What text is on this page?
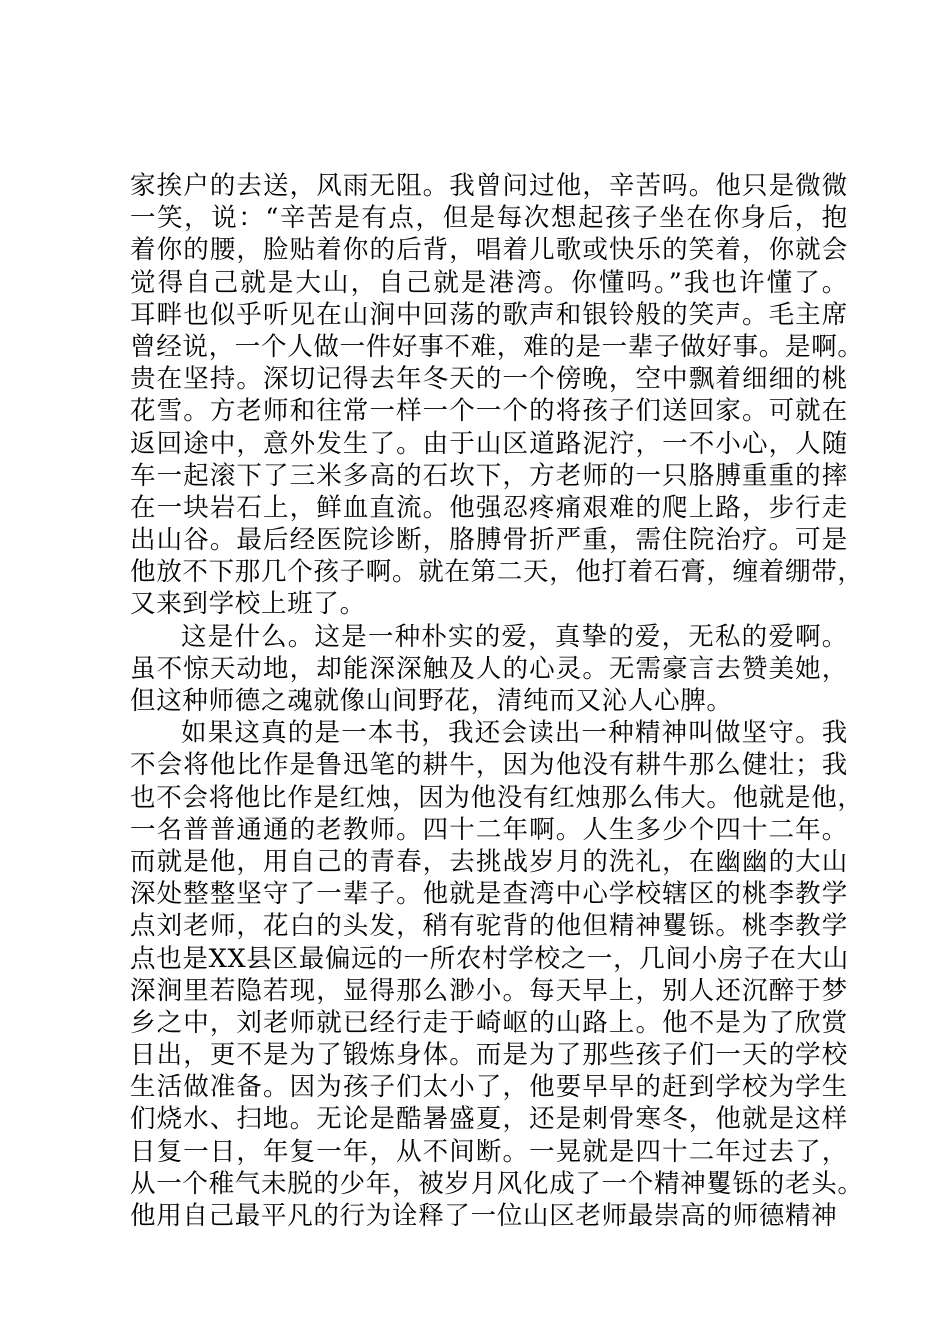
家挨户的去送，风雨无阻。我曾问过他，辛苦吗。他只是微微
一笑，说：“辛苦是有点，但是每次想起孩子坐在你身后，抱
着你的腰，脸贴着你的后背，唱着儿歌或快乐的笑着，你就会
觉得自己就是大山，自己就是港湾。你懂吗。”我也许懂了。
耳畔也似乎听见在山涧中回荡的歌声和银铃般的笑声。毛主席
曾经说，一个人做一件好事不难，难的是一辈子做好事。是啊。
贵在坚持。深切记得去年冬天的一个傍晚，空中飘着细细的桃
花雪。方老师和往常一样一个一个的将孩子们送回家。可就在
返回途中，意外发生了。由于山区道路泥泞，一不小心，人随
车一起滚下了三米多高的石坎下，方老师的一只胳膊重重的摔
在一块岩石上，鲜血直流。他强忍疼痛艰难的爬上路，步行走
出山谷。最后经医院诊断，胳膊骨折严重，需住院治疗。可是
他放不下那几个孩子啊。就在第二天，他打着石膏，缠着绷带，
又来到学校上班了。
这是什么。这是一种朴实的爱，真挚的爱，无私的爱啊。
虽不惊天动地，却能深深触及人的心灵。无需豪言去赞美她，
但这种师德之魂就像山间野花，清纯而又沁人心脾。
如果这真的是一本书，我还会读出一种精神叫做坚守。我
不会将他比作是鲁迅笔的耕牛，因为他没有耕牛那么健壮；我
也不会将他比作是红烛，因为他没有红烛那么伟大。他就是他，
一名普普通通的老教师。四十二年啊。人生多少个四十二年。
而就是他，用自己的青春，去挑战岁月的洗礼，在幽幽的大山
深处整整坚守了一辈子。他就是查湾中心学校辖区的桃李教学
点刘老师，花白的头发，稍有驼背的他但精神矍铄。桃李教学
点也是XX县区最偏远的一所农村学校之一，几间小房子在大山
深涧里若隐若现，显得那么渺小。每天早上，别人还沉醉于梦
乡之中，刘老师就已经行走于崎岖的山路上。他不是为了欣赏
日出，更不是为了锻炼身体。而是为了那些孩子们一天的学校
生活做准备。因为孩子们太小了，他要早早的赶到学校为学生
们烧水、扫地。无论是酷暑盛夏，还是刺骨寒冬，他就是这样
日复一日，年复一年，从不间断。一晃就是四十二年过去了，
从一个稚气未脱的少年，被岁月风化成了一个精神矍铄的老头。
他用自己最平凡的行为诠释了一位山区老师最崇高的师德精神
